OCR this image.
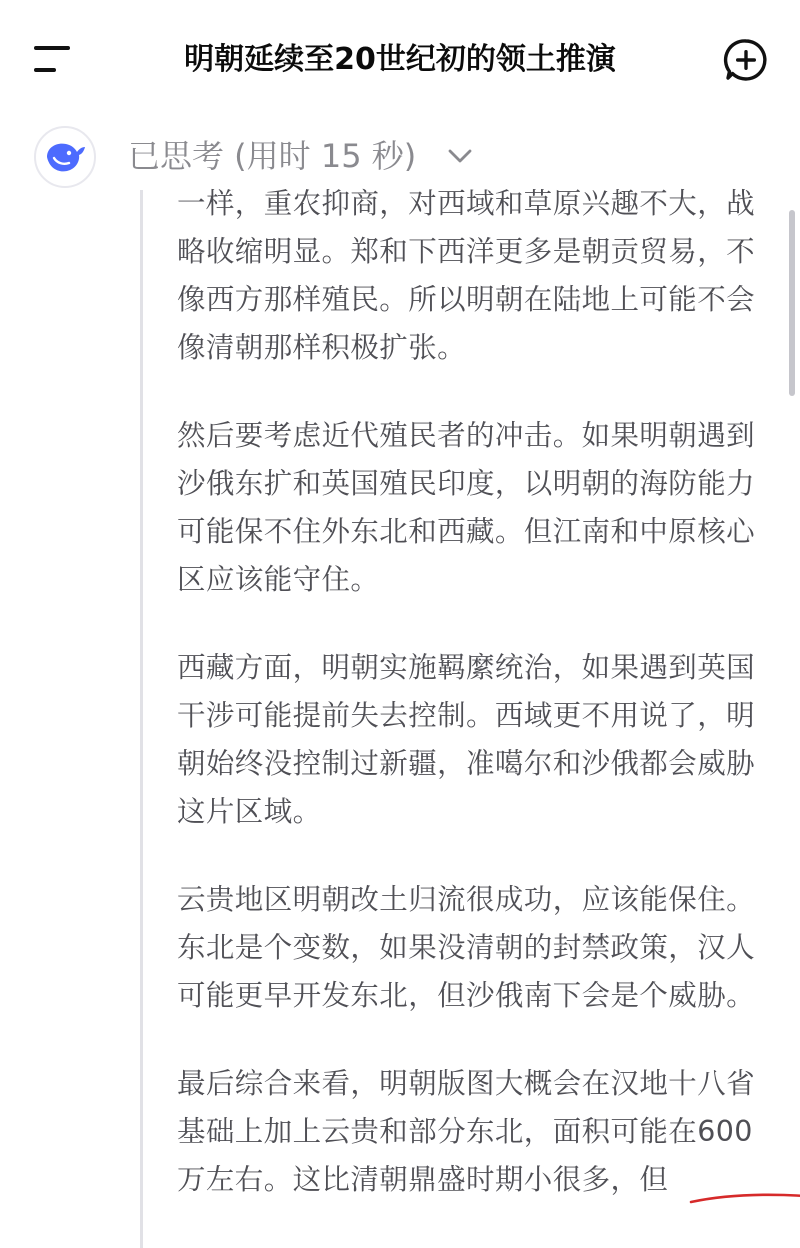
明朝延续至20世纪初的领土推演
已思考 (用时 15 秒)

一样，重农抑商，对西域和草原兴趣不大，战略收缩明显。郑和下西洋更多是朝贡贸易，不像西方那样殖民。所以明朝在陆地上可能不会像清朝那样积极扩张。

然后要考虑近代殖民者的冲击。如果明朝遇到沙俄东扩和英国殖民印度，以明朝的海防能力可能保不住外东北和西藏。但江南和中原核心区应该能守住。

西藏方面，明朝实施羁縻统治，如果遇到英国干涉可能提前失去控制。西域更不用说了，明朝始终没控制过新疆，准噶尔和沙俄都会威胁这片区域。

云贵地区明朝改土归流很成功，应该能保住。东北是个变数，如果没清朝的封禁政策，汉人可能更早开发东北，但沙俄南下会是个威胁。

最后综合来看，明朝版图大概会在汉地十八省基础上加上云贵和部分东北，面积可能在600万左右
。这比清朝鼎盛时期小很多，但
